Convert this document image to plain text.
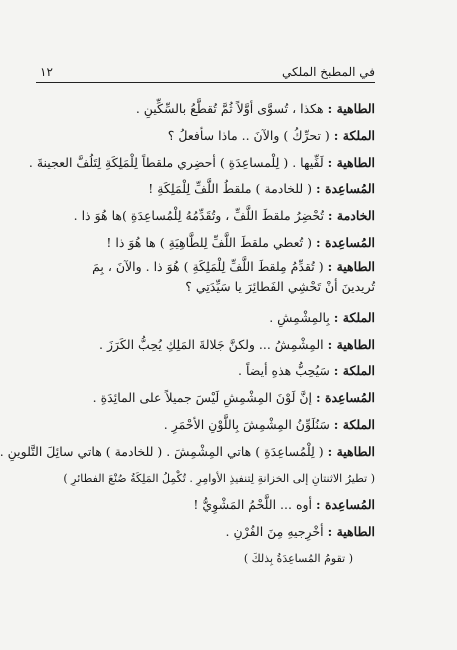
١٢	في المطبخ الملكي
الطاهية : هكذا ، تُسوَّى أوَّلاً ثُمَّ تُقطَّعُ بالسِّكِّينِ .
الملكة : ( تحرِّكُ ) والآنَ .. ماذا سأفعلُ ؟
الطاهية : لَفِّيها . ( لِلْمساعِدَةِ ) أحضِري ملقطاً لِلْمَلِكَةِ لِتَلُفَّ العجينةَ .
المُساعِدة : ( للخادمة ) ملقطُ اللَّفِّ لِلْمَلِكَةِ !
الخادمة : تُحْضِرُ ملقطَ اللَّفِّ ، وتُقَدِّمُهُ لِلْمُساعِدَةِ )ها هُوَ ذا .
المُساعِدة : ( تُعطي ملقطَ اللَّفِّ لِلطَّاهِيَةِ ) ها هُوَ ذا !
الطاهية : ( تُقدِّمُ مِلقطَ اللَّفِّ لِلْمَلِكَةِ ) هُوَ ذا . والآنَ ، بِمَ تُريدينَ أنْ تَحْشِي الفَطائِرَ يا سَيِّدَتِي ؟
الملكة : بِالمِشْمِشِ .
الطاهية : المِشْمِشُ ... ولكنَّ جَلالةَ المَلِكِ يُحِبُّ الكَرَزَ .
الملكة : سَيُحِبُّ هذهِ أيضاً .
المُساعِدة : إنَّ لَوْنَ المِشْمِشِ لَيْسَ جميلاً على المائِدَةِ .
الملكة : سَنُلَوِّنُ المِشْمِشَ بِاللَّوْنِ الأحْمَرِ .
الطاهية : ( لِلْمُساعِدَةِ ) هاتي المِشْمِشَ . ( للخادمة ) هاتي سائِلَ التَّلوينِ .
( تطيرُ الاثنتانِ إلى الخزانةِ لِتنفيذِ الأوامِرِ . تُكْمِلُ المَلِكَةُ صُنْعَ الفطائرِ )
المُساعِدة : أوه ... اللَّحْمُ المَشْوِيُّ !
الطاهية : أخْرِجيهِ مِنَ الفُرْنِ .
( تقومُ المُساعِدَةُ بِذلكَ )
